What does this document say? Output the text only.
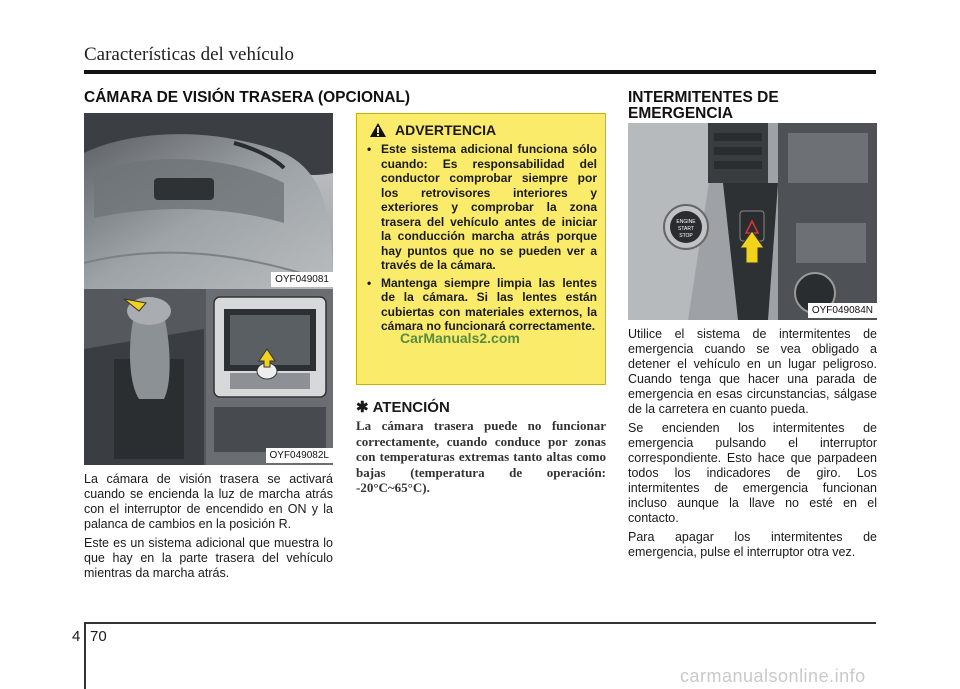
Características del vehículo
CÁMARA DE VISIÓN TRASERA (OPCIONAL)
OYF049081
OYF049082L

La cámara de visión trasera se activará cuando se encienda la luz de marcha atrás con el interruptor de encendido en ON y la palanca de cambios en la posición R.

Este es un sistema adicional que muestra lo que hay en la parte trasera del vehículo mientras da marcha atrás.

ADVERTENCIA
• Este sistema adicional funciona sólo cuando: Es responsabilidad del conductor comprobar siempre por los retrovisores interiores y exteriores y comprobar la zona trasera del vehículo antes de iniciar la conducción marcha atrás porque hay puntos que no se pueden ver a través de la cámara.
• Mantenga siempre limpia las lentes de la cámara. Si las lentes están cubiertas con materiales externos, la cámara no funcionará correctamente.
CarManuals2.com
✱ ATENCIÓN
La cámara trasera puede no funcionar correctamente, cuando conduce por zonas con temperaturas extremas tanto altas como bajas (temperatura de operación: -20°C~65°C).
INTERMITENTES DE
EMERGENCIA
ENGINE
START
STOP
OYF049084N

Utilice el sistema de intermitentes de emergencia cuando se vea obligado a detener el vehículo en un lugar peligroso. Cuando tenga que hacer una parada de emergencia en esas circunstancias, sálgase de la carretera en cuanto pueda.

Se encienden los intermitentes de emergencia pulsando el interruptor correspondiente. Esto hace que parpadeen todos los indicadores de giro. Los intermitentes de emergencia funcionan incluso aunque la llave no esté en el contacto.

Para apagar los intermitentes de emergencia, pulse el interruptor otra vez.

4 70
carmanualsonline.info
